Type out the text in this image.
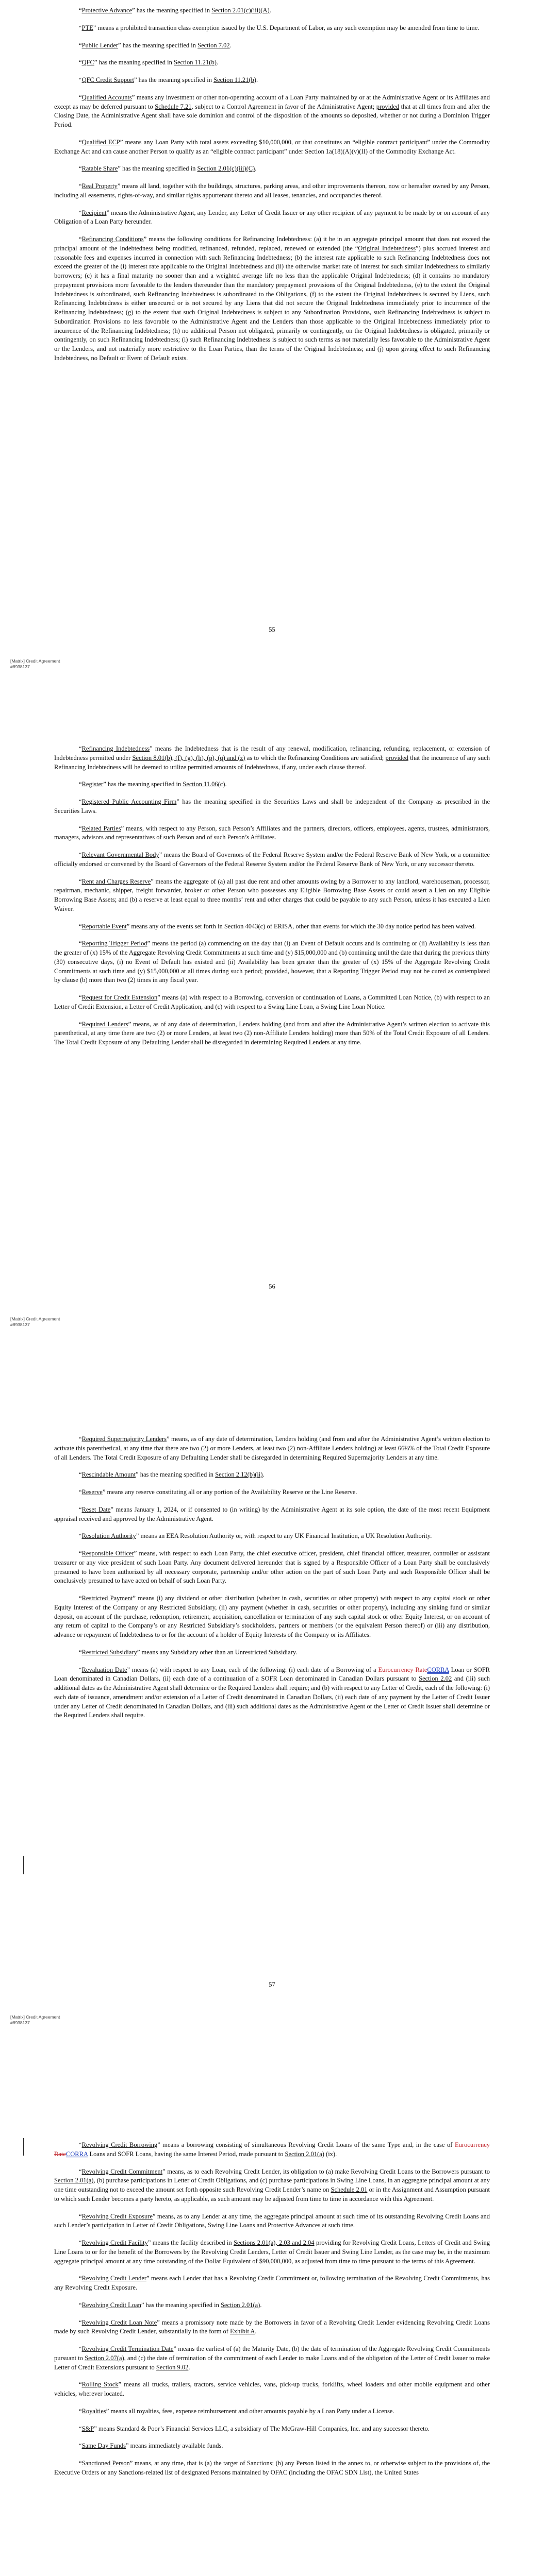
“Protective Advance” has the meaning specified in Section 2.01(c)(iii)(A).

“PTE” means a prohibited transaction class exemption issued by the U.S. Department of Labor, as any such exemption may be amended from time to time.

“Public Lender” has the meaning specified in Section 7.02.

“QFC” has the meaning specified in Section 11.21(b).

“QFC Credit Support” has the meaning specified in Section 11.21(b).

“Qualified Accounts” means any investment or other non-operating account of a Loan Party maintained by or at the Administrative Agent or its Affiliates and except as may be deferred pursuant to Schedule 7.21, subject to a Control Agreement in favor of the Administrative Agent; provided that at all times from and after the Closing Date, the Administrative Agent shall have sole dominion and control of the disposition of the amounts so deposited, whether or not during a Dominion Trigger Period.

“Qualified ECP” means any Loan Party with total assets exceeding $10,000,000, or that constitutes an “eligible contract participant” under the Commodity Exchange Act and can cause another Person to qualify as an “eligible contract participant” under Section 1a(18)(A)(v)(II) of the Commodity Exchange Act.

“Ratable Share” has the meaning specified in Section 2.01(c)(iii)(C).

“Real Property” means all land, together with the buildings, structures, parking areas, and other improvements thereon, now or hereafter owned by any Person, including all easements, rights-of-way, and similar rights appurtenant thereto and all leases, tenancies, and occupancies thereof.

“Recipient” means the Administrative Agent, any Lender, any Letter of Credit Issuer or any other recipient of any payment to be made by or on account of any Obligation of a Loan Party hereunder.

“Refinancing Conditions” means the following conditions for Refinancing Indebtedness: (a) it be in an aggregate principal amount that does not exceed the principal amount of the Indebtedness being modified, refinanced, refunded, replaced, renewed or extended (the “Original Indebtedness”) plus accrued interest and reasonable fees and expenses incurred in connection with such Refinancing Indebtedness; (b) the interest rate applicable to such Refinancing Indebtedness does not exceed the greater of the (i) interest rate applicable to the Original Indebtedness and (ii) the otherwise market rate of interest for such similar Indebtedness to similarly borrowers; (c) it has a final maturity no sooner than and a weighted average life no less than the applicable Original Indebtedness; (d) it contains no mandatory prepayment provisions more favorable to the lenders thereunder than the mandatory prepayment provisions of the Original Indebtedness, (e) to the extent the Original Indebtedness is subordinated, such Refinancing Indebtedness is subordinated to the Obligations, (f) to the extent the Original Indebtedness is secured by Liens, such Refinancing Indebtedness is either unsecured or is not secured by any Liens that did not secure the Original Indebtedness immediately prior to incurrence of the Refinancing Indebtedness; (g) to the extent that such Original Indebtedness is subject to any Subordination Provisions, such Refinancing Indebtedness is subject to Subordination Provisions no less favorable to the Administrative Agent and the Lenders than those applicable to the Original Indebtedness immediately prior to incurrence of the Refinancing Indebtedness; (h) no additional Person not obligated, primarily or contingently, on the Original Indebtedness is obligated, primarily or contingently, on such Refinancing Indebtedness; (i) such Refinancing Indebtedness is subject to such terms as not materially less favorable to the Administrative Agent or the Lenders, and not materially more restrictive to the Loan Parties, than the terms of the Original Indebtedness; and (j) upon giving effect to such Refinancing Indebtedness, no Default or Event of Default exists.

55
[Matrix] Credit Agreement
#8938137

“Refinancing Indebtedness” means the Indebtedness that is the result of any renewal, modification, refinancing, refunding, replacement, or extension of Indebtedness permitted under Section 8.01(b), (f), (g), (h), (p), (q) and (z) as to which the Refinancing Conditions are satisfied; provided that the incurrence of any such Refinancing Indebtedness will be deemed to utilize permitted amounts of Indebtedness, if any, under each clause thereof.

“Register” has the meaning specified in Section 11.06(c).

“Registered Public Accounting Firm” has the meaning specified in the Securities Laws and shall be independent of the Company as prescribed in the Securities Laws.

“Related Parties” means, with respect to any Person, such Person’s Affiliates and the partners, directors, officers, employees, agents, trustees, administrators, managers, advisors and representatives of such Person and of such Person’s Affiliates.

“Relevant Governmental Body” means the Board of Governors of the Federal Reserve System and/or the Federal Reserve Bank of New York, or a committee officially endorsed or convened by the Board of Governors of the Federal Reserve System and/or the Federal Reserve Bank of New York, or any successor thereto.

“Rent and Charges Reserve” means the aggregate of (a) all past due rent and other amounts owing by a Borrower to any landlord, warehouseman, processor, repairman, mechanic, shipper, freight forwarder, broker or other Person who possesses any Eligible Borrowing Base Assets or could assert a Lien on any Eligible Borrowing Base Assets; and (b) a reserve at least equal to three months’ rent and other charges that could be payable to any such Person, unless it has executed a Lien Waiver.

“Reportable Event” means any of the events set forth in Section 4043(c) of ERISA, other than events for which the 30 day notice period has been waived.

“Reporting Trigger Period” means the period (a) commencing on the day that (i) an Event of Default occurs and is continuing or (ii) Availability is less than the greater of (x) 15% of the Aggregate Revolving Credit Commitments at such time and (y) $15,000,000 and (b) continuing until the date that during the previous thirty (30) consecutive days, (i) no Event of Default has existed and (ii) Availability has been greater than the greater of (x) 15% of the Aggregate Revolving Credit Commitments at such time and (y) $15,000,000 at all times during such period; provided, however, that a Reporting Trigger Period may not be cured as contemplated by clause (b) more than two (2) times in any fiscal year.

“Request for Credit Extension” means (a) with respect to a Borrowing, conversion or continuation of Loans, a Committed Loan Notice, (b) with respect to an Letter of Credit Extension, a Letter of Credit Application, and (c) with respect to a Swing Line Loan, a Swing Line Loan Notice.

“Required Lenders” means, as of any date of determination, Lenders holding (and from and after the Administrative Agent’s written election to activate this parenthetical, at any time there are two (2) or more Lenders, at least two (2) non-Affiliate Lenders holding) more than 50% of the Total Credit Exposure of all Lenders. The Total Credit Exposure of any Defaulting Lender shall be disregarded in determining Required Lenders at any time.

56
[Matrix] Credit Agreement
#8938137

“Required Supermajority Lenders” means, as of any date of determination, Lenders holding (and from and after the Administrative Agent’s written election to activate this parenthetical, at any time that there are two (2) or more Lenders, at least two (2) non-Affiliate Lenders holding) at least 66⅔% of the Total Credit Exposure of all Lenders. The Total Credit Exposure of any Defaulting Lender shall be disregarded in determining Required Supermajority Lenders at any time.

“Rescindable Amount” has the meaning specified in Section 2.12(b)(ii).

“Reserve” means any reserve constituting all or any portion of the Availability Reserve or the Line Reserve.

“Reset Date” means January 1, 2024, or if consented to (in writing) by the Administrative Agent at its sole option, the date of the most recent Equipment appraisal received and approved by the Administrative Agent.

“Resolution Authority” means an EEA Resolution Authority or, with respect to any UK Financial Institution, a UK Resolution Authority.

“Responsible Officer” means, with respect to each Loan Party, the chief executive officer, president, chief financial officer, treasurer, controller or assistant treasurer or any vice president of such Loan Party. Any document delivered hereunder that is signed by a Responsible Officer of a Loan Party shall be conclusively presumed to have been authorized by all necessary corporate, partnership and/or other action on the part of such Loan Party and such Responsible Officer shall be conclusively presumed to have acted on behalf of such Loan Party.

“Restricted Payment” means (i) any dividend or other distribution (whether in cash, securities or other property) with respect to any capital stock or other Equity Interest of the Company or any Restricted Subsidiary, (ii) any payment (whether in cash, securities or other property), including any sinking fund or similar deposit, on account of the purchase, redemption, retirement, acquisition, cancellation or termination of any such capital stock or other Equity Interest, or on account of any return of capital to the Company’s or any Restricted Subsidiary’s stockholders, partners or members (or the equivalent Person thereof) or (iii) any distribution, advance or repayment of Indebtedness to or for the account of a holder of Equity Interests of the Company or its Affiliates.

“Restricted Subsidiary” means any Subsidiary other than an Unrestricted Subsidiary.

“Revaluation Date” means (a) with respect to any Loan, each of the following: (i) each date of a Borrowing of a Eurocurrency RateCORRA Loan or SOFR Loan denominated in Canadian Dollars, (ii) each date of a continuation of a SOFR Loan denominated in Canadian Dollars pursuant to Section 2.02 and (iii) such additional dates as the Administrative Agent shall determine or the Required Lenders shall require; and (b) with respect to any Letter of Credit, each of the following: (i) each date of issuance, amendment and/or extension of a Letter of Credit denominated in Canadian Dollars, (ii) each date of any payment by the Letter of Credit Issuer under any Letter of Credit denominated in Canadian Dollars, and (iii) such additional dates as the Administrative Agent or the Letter of Credit Issuer shall determine or the Required Lenders shall require.

57
[Matrix] Credit Agreement
#8938137

“Revolving Credit Borrowing” means a borrowing consisting of simultaneous Revolving Credit Loans of the same Type and, in the case of Eurocurrency RateCORRA Loans and SOFR Loans, having the same Interest Period, made pursuant to Section 2.01(a) (ix).

“Revolving Credit Commitment” means, as to each Revolving Credit Lender, its obligation to (a) make Revolving Credit Loans to the Borrowers pursuant to Section 2.01(a), (b) purchase participations in Letter of Credit Obligations, and (c) purchase participations in Swing Line Loans, in an aggregate principal amount at any one time outstanding not to exceed the amount set forth opposite such Revolving Credit Lender’s name on Schedule 2.01 or in the Assignment and Assumption pursuant to which such Lender becomes a party hereto, as applicable, as such amount may be adjusted from time to time in accordance with this Agreement.

“Revolving Credit Exposure” means, as to any Lender at any time, the aggregate principal amount at such time of its outstanding Revolving Credit Loans and such Lender’s participation in Letter of Credit Obligations, Swing Line Loans and Protective Advances at such time.

“Revolving Credit Facility” means the facility described in Sections 2.01(a), 2.03 and 2.04 providing for Revolving Credit Loans, Letters of Credit and Swing Line Loans to or for the benefit of the Borrowers by the Revolving Credit Lenders, Letter of Credit Issuer and Swing Line Lender, as the case may be, in the maximum aggregate principal amount at any time outstanding of the Dollar Equivalent of $90,000,000, as adjusted from time to time pursuant to the terms of this Agreement.

“Revolving Credit Lender” means each Lender that has a Revolving Credit Commitment or, following termination of the Revolving Credit Commitments, has any Revolving Credit Exposure.

“Revolving Credit Loan” has the meaning specified in Section 2.01(a).

“Revolving Credit Loan Note” means a promissory note made by the Borrowers in favor of a Revolving Credit Lender evidencing Revolving Credit Loans made by such Revolving Credit Lender, substantially in the form of Exhibit A.

“Revolving Credit Termination Date” means the earliest of (a) the Maturity Date, (b) the date of termination of the Aggregate Revolving Credit Commitments pursuant to Section 2.07(a), and (c) the date of termination of the commitment of each Lender to make Loans and of the obligation of the Letter of Credit Issuer to make Letter of Credit Extensions pursuant to Section 9.02.

“Rolling Stock” means all trucks, trailers, tractors, service vehicles, vans, pick-up trucks, forklifts, wheel loaders and other mobile equipment and other vehicles, wherever located.

“Royalties” means all royalties, fees, expense reimbursement and other amounts payable by a Loan Party under a License.

“S&P” means Standard & Poor’s Financial Services LLC, a subsidiary of The McGraw-Hill Companies, Inc. and any successor thereto.

“Same Day Funds” means immediately available funds.

“Sanctioned Person” means, at any time, that is (a) the target of Sanctions; (b) any Person listed in the annex to, or otherwise subject to the provisions of, the Executive Orders or any Sanctions-related list of designated Persons maintained by OFAC (including the OFAC SDN List), the United States
